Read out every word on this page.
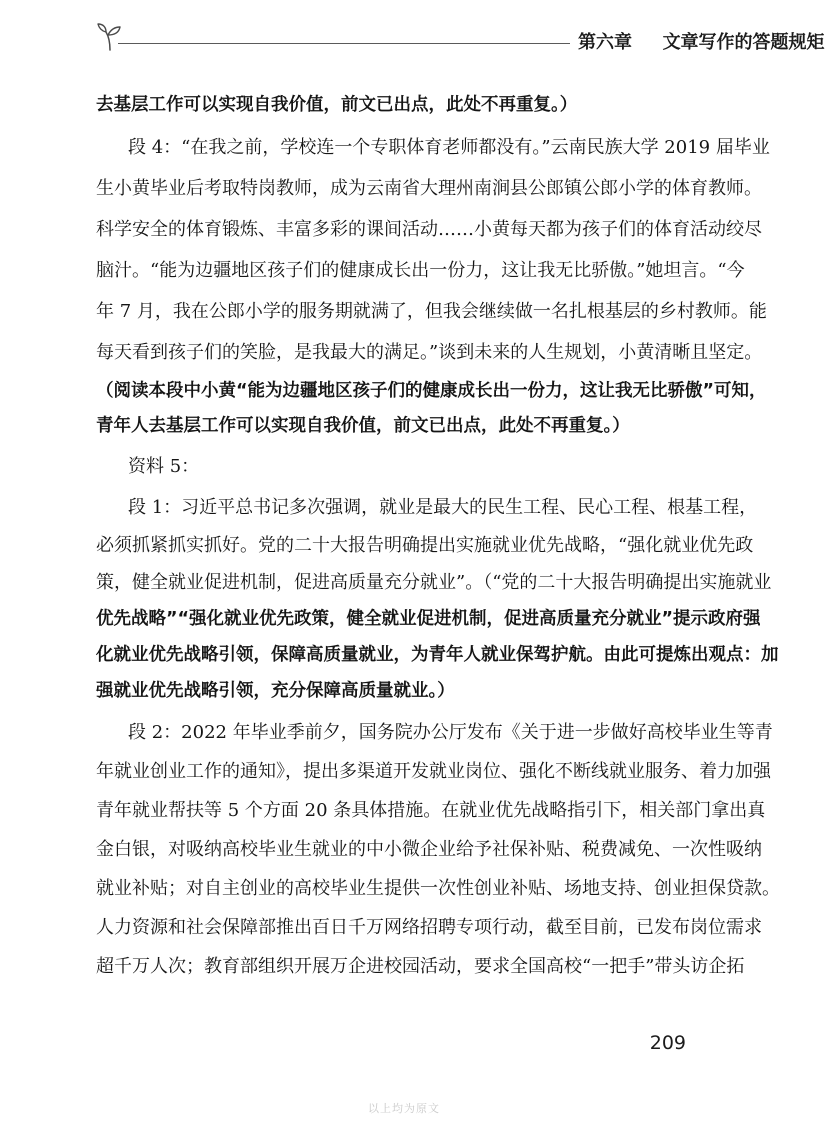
第六章 文章写作的答题规矩
去基层工作可以实现自我价值，前文已出点，此处不再重复。）
段 4：“在我之前，学校连一个专职体育老师都没有。”云南民族大学 2019 届毕业
生小黄毕业后考取特岗教师，成为云南省大理州南涧县公郎镇公郎小学的体育教师。
科学安全的体育锻炼、丰富多彩的课间活动……小黄每天都为孩子们的体育活动绞尽
脑汁。“能为边疆地区孩子们的健康成长出一份力，这让我无比骄傲。”她坦言。“今
年 7 月，我在公郎小学的服务期就满了，但我会继续做一名扎根基层的乡村教师。能
每天看到孩子们的笑脸，是我最大的满足。”谈到未来的人生规划，小黄清晰且坚定。
（阅读本段中小黄“能为边疆地区孩子们的健康成长出一份力，这让我无比骄傲”可知，
青年人去基层工作可以实现自我价值，前文已出点，此处不再重复。）
资料 5：
段 1：习近平总书记多次强调，就业是最大的民生工程、民心工程、根基工程，
必须抓紧抓实抓好。党的二十大报告明确提出实施就业优先战略，“强化就业优先政
策，健全就业促进机制，促进高质量充分就业”。（“党的二十大报告明确提出实施就业
优先战略”“强化就业优先政策，健全就业促进机制，促进高质量充分就业”提示政府强
化就业优先战略引领，保障高质量就业，为青年人就业保驾护航。由此可提炼出观点：加
强就业优先战略引领，充分保障高质量就业。）
段 2：2022 年毕业季前夕，国务院办公厅发布《关于进一步做好高校毕业生等青
年就业创业工作的通知》，提出多渠道开发就业岗位、强化不断线就业服务、着力加强
青年就业帮扶等 5 个方面 20 条具体措施。在就业优先战略指引下，相关部门拿出真
金白银，对吸纳高校毕业生就业的中小微企业给予社保补贴、税费减免、一次性吸纳
就业补贴；对自主创业的高校毕业生提供一次性创业补贴、场地支持、创业担保贷款。
人力资源和社会保障部推出百日千万网络招聘专项行动，截至目前，已发布岗位需求
超千万人次；教育部组织开展万企进校园活动，要求全国高校“一把手”带头访企拓
209
以上均为原文
